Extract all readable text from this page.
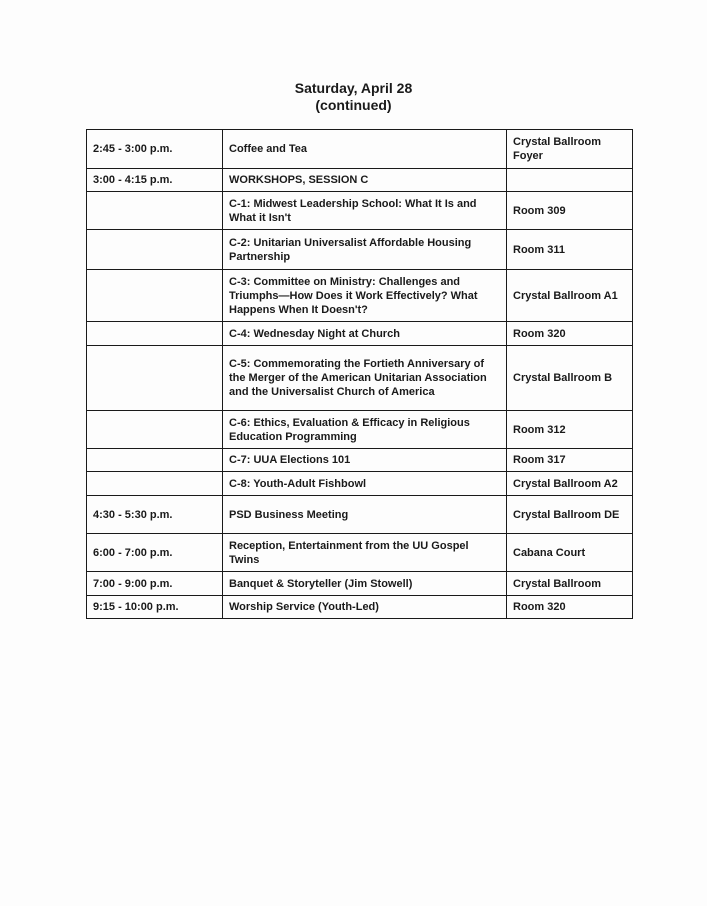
Saturday, April 28
(continued)
2:45 - 3:00 p.m.	Coffee and Tea	Crystal Ballroom Foyer
3:00 - 4:15 p.m.	WORKSHOPS, SESSION C	
	C-1: Midwest Leadership School: What It Is and What it Isn't	Room 309
	C-2: Unitarian Universalist Affordable Housing Partnership	Room 311
	C-3: Committee on Ministry: Challenges and Triumphs—How Does it Work Effectively? What Happens When It Doesn't?	Crystal Ballroom A1
	C-4: Wednesday Night at Church	Room 320
	C-5: Commemorating the Fortieth Anniversary of the Merger of the American Unitarian Association and the Universalist Church of America	Crystal Ballroom B
	C-6: Ethics, Evaluation & Efficacy in Religious Education Programming	Room 312
	C-7: UUA Elections 101	Room 317
	C-8: Youth-Adult Fishbowl	Crystal Ballroom A2
4:30 - 5:30 p.m.	PSD Business Meeting	Crystal Ballroom DE
6:00 - 7:00 p.m.	Reception, Entertainment from the UU Gospel Twins	Cabana Court
7:00 - 9:00 p.m.	Banquet & Storyteller (Jim Stowell)	Crystal Ballroom
9:15 - 10:00 p.m.	Worship Service (Youth-Led)	Room 320
